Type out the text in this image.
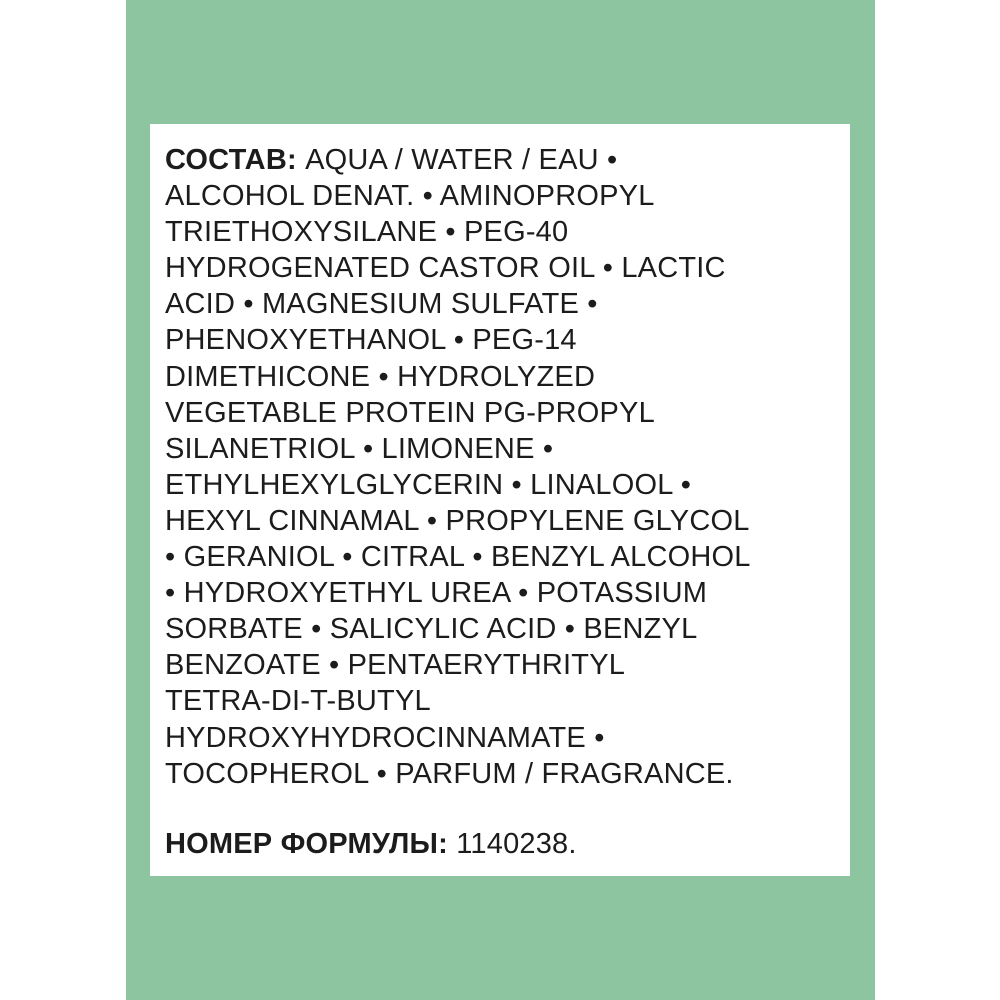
СОСТАВ: AQUA / WATER / EAU •
ALCOHOL DENAT. • AMINOPROPYL
TRIETHOXYSILANE • PEG-40
HYDROGENATED CASTOR OIL • LACTIC
ACID • MAGNESIUM SULFATE •
PHENOXYETHANOL • PEG-14
DIMETHICONE • HYDROLYZED
VEGETABLE PROTEIN PG-PROPYL
SILANETRIOL • LIMONENE •
ETHYLHEXYLGLYCERIN • LINALOOL •
HEXYL CINNAMAL • PROPYLENE GLYCOL
• GERANIOL • CITRAL • BENZYL ALCOHOL
• HYDROXYETHYL UREA • POTASSIUM
SORBATE • SALICYLIC ACID • BENZYL
BENZOATE • PENTAERYTHRITYL
TETRA-DI-T-BUTYL
HYDROXYHYDROCINNAMATE •
TOCOPHEROL • PARFUM / FRAGRANCE.
НОМЕР ФОРМУЛЫ: 1140238.
